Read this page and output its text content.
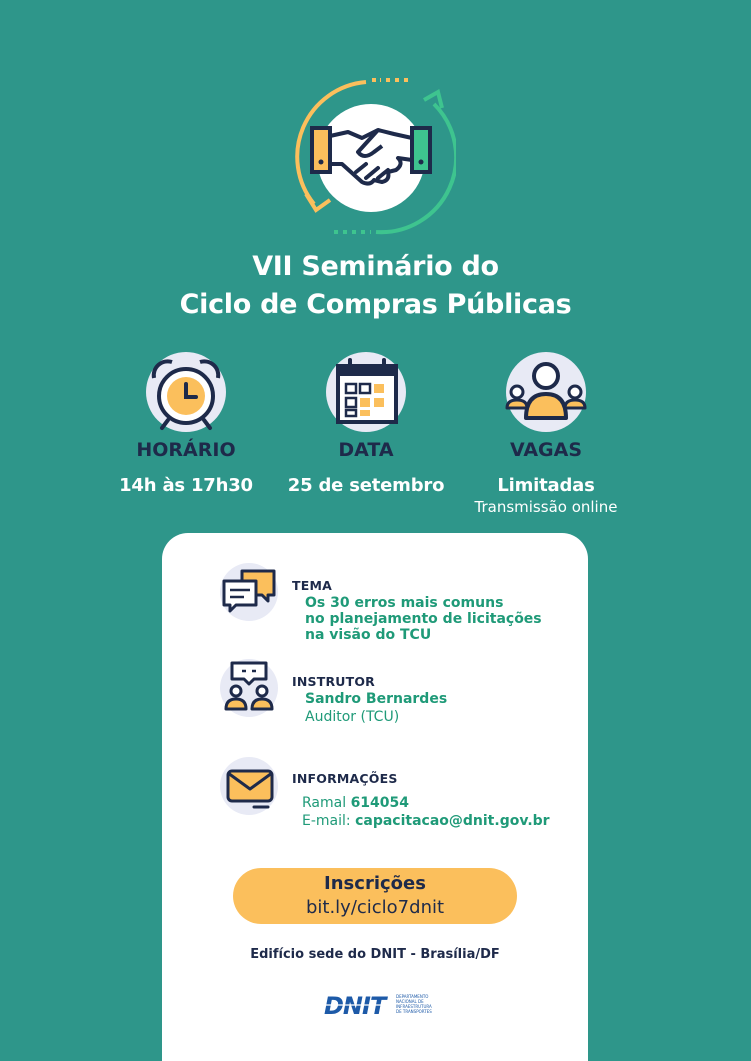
VII Seminário do
Ciclo de Compras Públicas
HORÁRIO
14h às 17h30
DATA
25 de setembro
VAGAS
Limitadas
Transmissão online
TEMA
Os 30 erros mais comuns
no planejamento de licitações
na visão do TCU
INSTRUTOR
Sandro Bernardes
Auditor (TCU)
INFORMAÇÕES
Ramal 614054
E-mail: capacitacao@dnit.gov.br
Inscrições
bit.ly/ciclo7dnit
Edifício sede do DNIT - Brasília/DF
DNIT	DEPARTAMENTO
NACIONAL DE
INFRAESTRUTURA
DE TRANSPORTES
